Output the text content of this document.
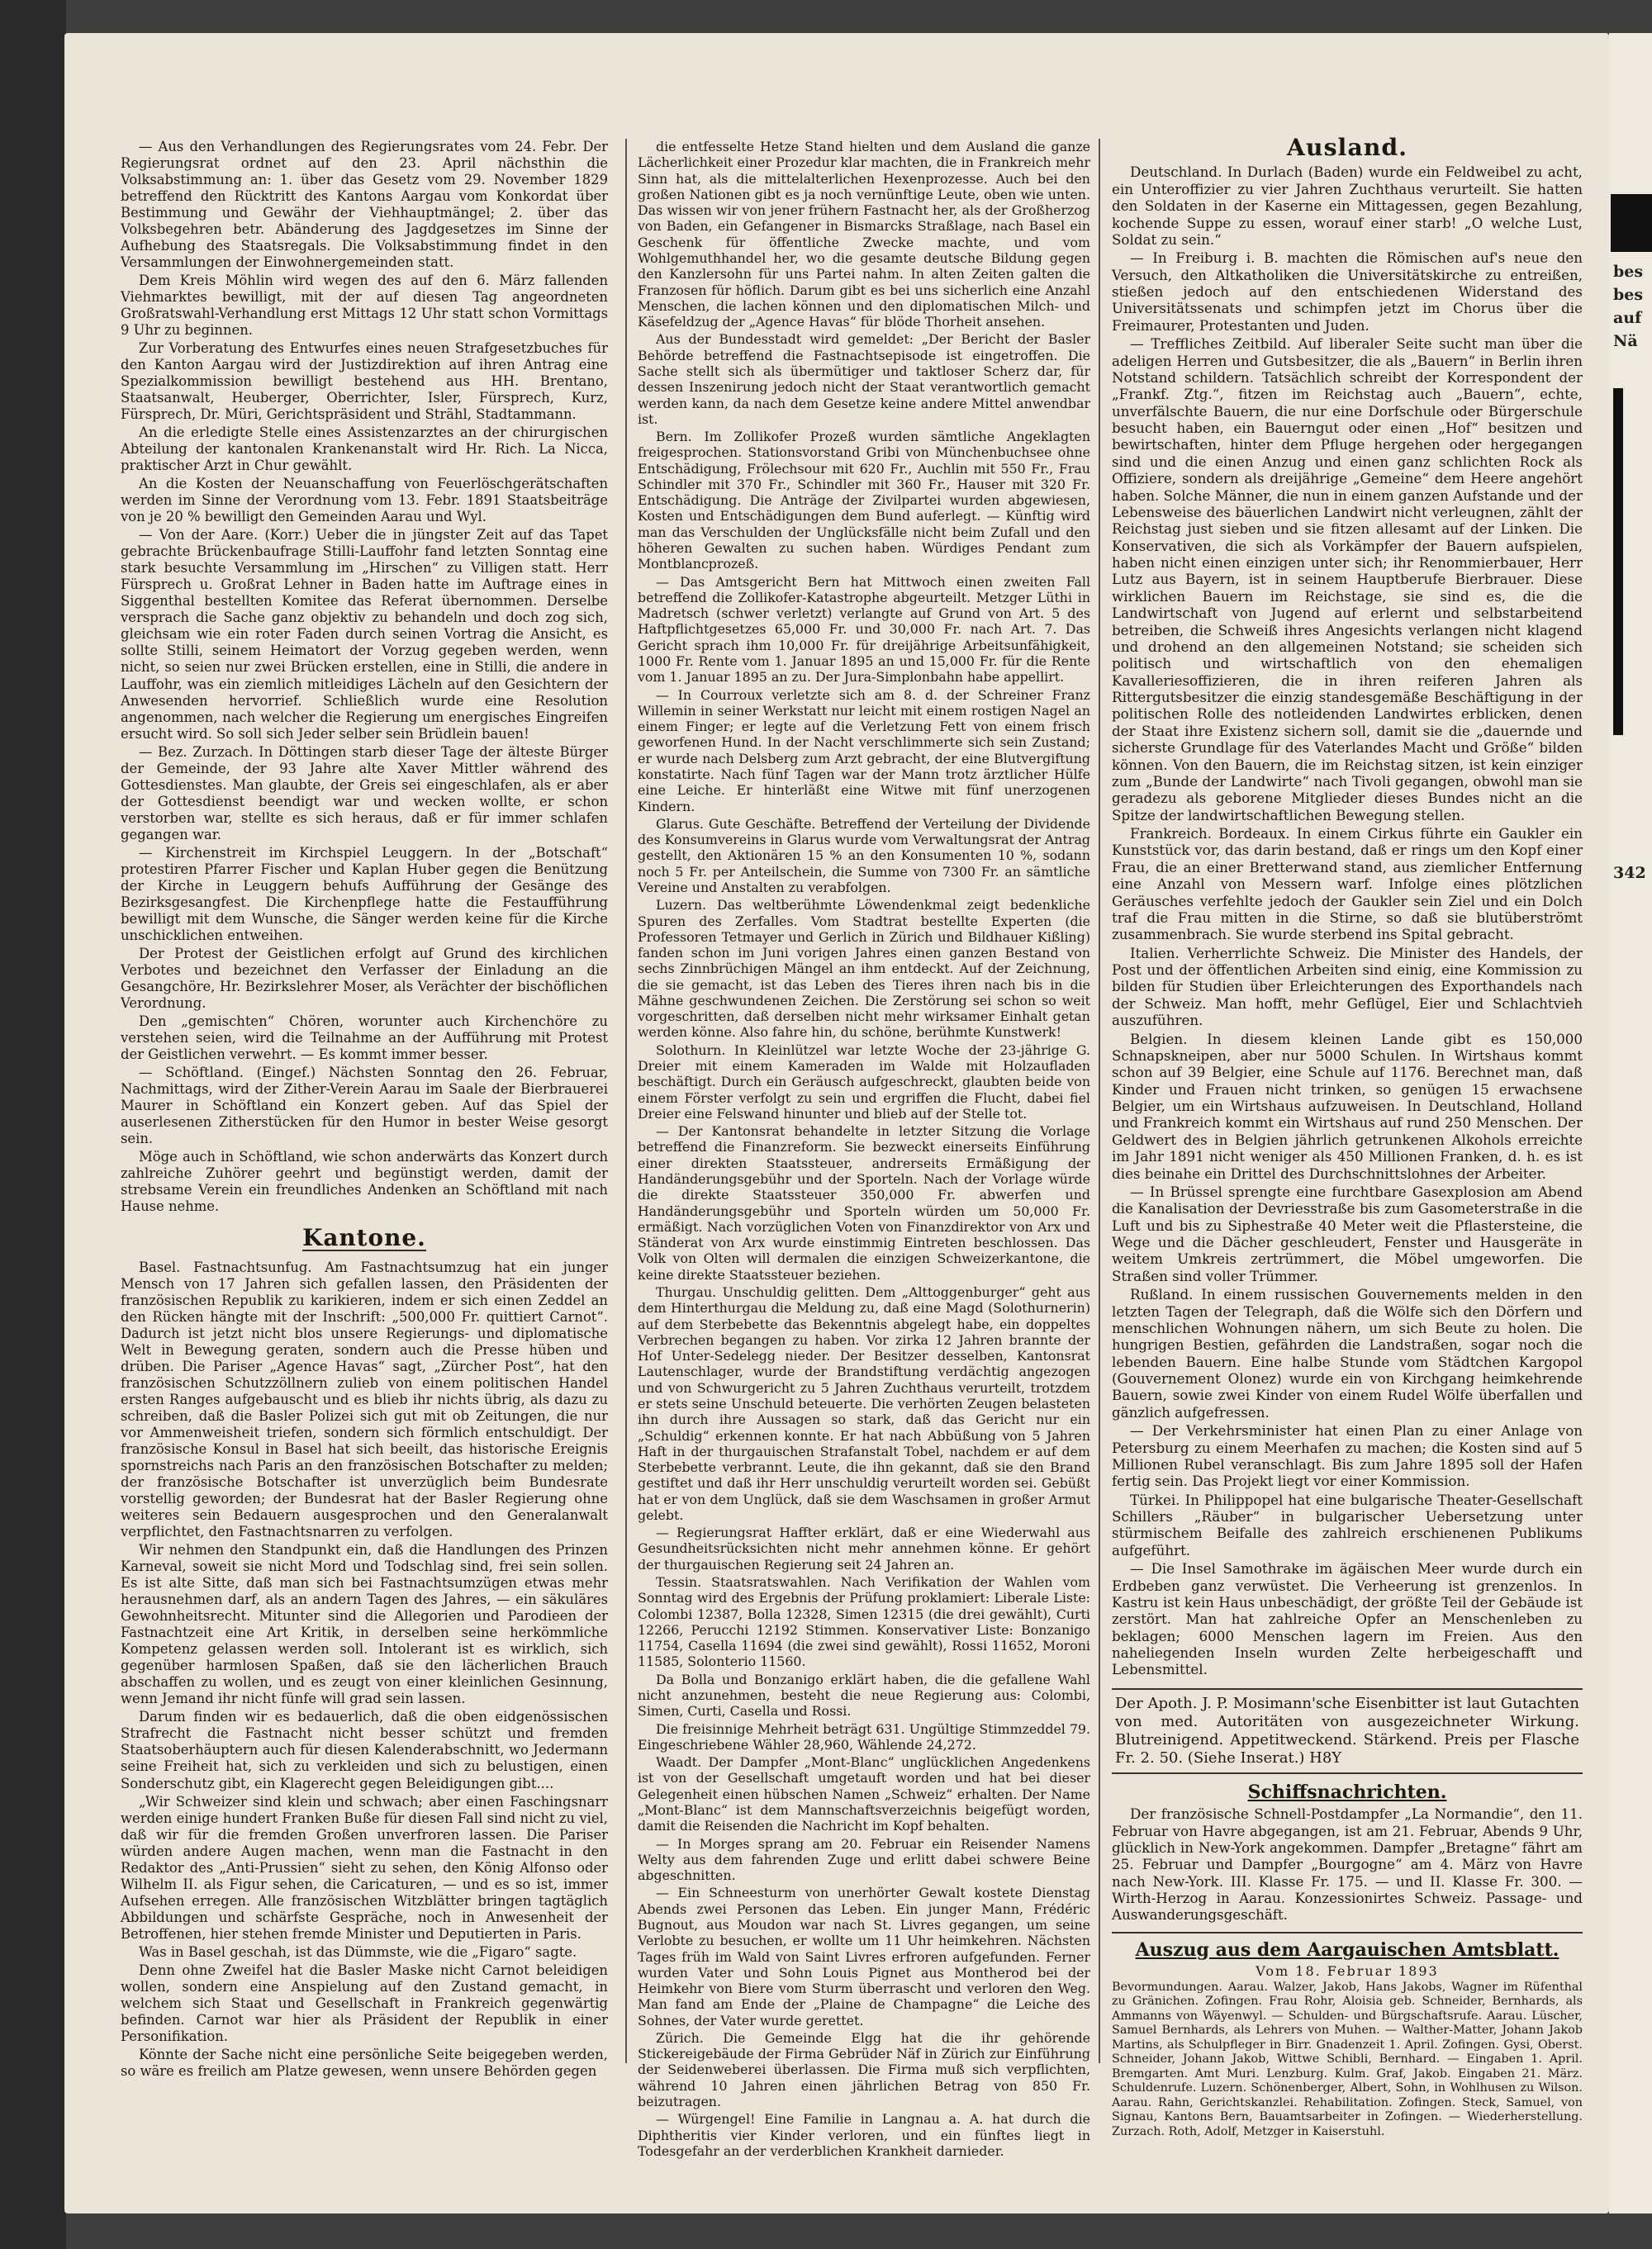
— Aus den Verhandlungen des Regierungsrates vom 24. Febr. Der Regierungsrat ordnet auf den 23. April nächsthin die Volksabstimmung an: 1. über das Gesetz vom 29. November 1829 betreffend den Rücktritt des Kantons Aargau vom Konkordat über Bestimmung und Gewähr der Viehhauptmängel; 2. über das Volksbegehren betr. Abänderung des Jagdgesetzes im Sinne der Aufhebung des Staatsregals. Die Volksabstimmung findet in den Versammlungen der Einwohnergemeinden statt.

Dem Kreis Möhlin wird wegen des auf den 6. März fallenden Viehmarktes bewilligt, mit der auf diesen Tag angeordneten Großratswahl-Verhandlung erst Mittags 12 Uhr statt schon Vormittags 9 Uhr zu beginnen.

Zur Vorberatung des Entwurfes eines neuen Strafgesetzbuches für den Kanton Aargau wird der Justizdirektion auf ihren Antrag eine Spezialkommission bewilligt bestehend aus HH. Brentano, Staatsanwalt, Heuberger, Oberrichter, Isler, Fürsprech, Kurz, Fürsprech, Dr. Müri, Gerichtspräsident und Strähl, Stadtammann.

An die erledigte Stelle eines Assistenzarztes an der chirurgischen Abteilung der kantonalen Krankenanstalt wird Hr. Rich. La Nicca, praktischer Arzt in Chur gewählt.

An die Kosten der Neuanschaffung von Feuerlöschgerätschaften werden im Sinne der Verordnung vom 13. Febr. 1891 Staatsbeiträge von je 20 % bewilligt den Gemeinden Aarau und Wyl.

— Von der Aare. (Korr.) Ueber die in jüngster Zeit auf das Tapet gebrachte Brückenbaufrage Stilli-Lauffohr fand letzten Sonntag eine stark besuchte Versammlung im „Hirschen“ zu Villigen statt. Herr Fürsprech u. Großrat Lehner in Baden hatte im Auftrage eines in Siggenthal bestellten Komitee das Referat übernommen. Derselbe versprach die Sache ganz objektiv zu behandeln und doch zog sich, gleichsam wie ein roter Faden durch seinen Vortrag die Ansicht, es sollte Stilli, seinem Heimatort der Vorzug gegeben werden, wenn nicht, so seien nur zwei Brücken erstellen, eine in Stilli, die andere in Lauffohr, was ein ziemlich mitleidiges Lächeln auf den Gesichtern der Anwesenden hervorrief. Schließlich wurde eine Resolution angenommen, nach welcher die Regierung um energisches Eingreifen ersucht wird. So soll sich Jeder selber sein Brüdlein bauen!

— Bez. Zurzach. In Döttingen starb dieser Tage der älteste Bürger der Gemeinde, der 93 Jahre alte Xaver Mittler während des Gottesdienstes. Man glaubte, der Greis sei eingeschlafen, als er aber der Gottesdienst beendigt war und wecken wollte, er schon verstorben war, stellte es sich heraus, daß er für immer schlafen gegangen war.

— Kirchenstreit im Kirchspiel Leuggern. In der „Botschaft“ protestiren Pfarrer Fischer und Kaplan Huber gegen die Benützung der Kirche in Leuggern behufs Aufführung der Gesänge des Bezirksgesangfest. Die Kirchenpflege hatte die Festaufführung bewilligt mit dem Wunsche, die Sänger werden keine für die Kirche unschicklichen entweihen.

Der Protest der Geistlichen erfolgt auf Grund des kirchlichen Verbotes und bezeichnet den Verfasser der Einladung an die Gesangchöre, Hr. Bezirkslehrer Moser, als Verächter der bischöflichen Verordnung.

Den „gemischten“ Chören, worunter auch Kirchenchöre zu verstehen seien, wird die Teilnahme an der Aufführung mit Protest der Geistlichen verwehrt. — Es kommt immer besser.

— Schöftland. (Eingef.) Nächsten Sonntag den 26. Februar, Nachmittags, wird der Zither-Verein Aarau im Saale der Bierbrauerei Maurer in Schöftland ein Konzert geben. Auf das Spiel der auserlesenen Zitherstücken für den Humor in bester Weise gesorgt sein.

Möge auch in Schöftland, wie schon anderwärts das Konzert durch zahlreiche Zuhörer geehrt und begünstigt werden, damit der strebsame Verein ein freundliches Andenken an Schöftland mit nach Hause nehme.

Kantone.

Basel. Fastnachtsunfug. Am Fastnachtsumzug hat ein junger Mensch von 17 Jahren sich gefallen lassen, den Präsidenten der französischen Republik zu karikieren, indem er sich einen Zeddel an den Rücken hängte mit der Inschrift: „500,000 Fr. quittiert Carnot“. Dadurch ist jetzt nicht blos unsere Regierungs- und diplomatische Welt in Bewegung geraten, sondern auch die Presse hüben und drüben. Die Pariser „Agence Havas“ sagt, „Zürcher Post“, hat den französischen Schutzzöllnern zulieb von einem politischen Handel ersten Ranges aufgebauscht und es blieb ihr nichts übrig, als dazu zu schreiben, daß die Basler Polizei sich gut mit ob Zeitungen, die nur vor Ammenweisheit triefen, sondern sich förmlich entschuldigt. Der französische Konsul in Basel hat sich beeilt, das historische Ereignis spornstreichs nach Paris an den französischen Botschafter zu melden; der französische Botschafter ist unverzüglich beim Bundesrate vorstellig geworden; der Bundesrat hat der Basler Regierung ohne weiteres sein Bedauern ausgesprochen und den Generalanwalt verpflichtet, den Fastnachtsnarren zu verfolgen.

Wir nehmen den Standpunkt ein, daß die Handlungen des Prinzen Karneval, soweit sie nicht Mord und Todschlag sind, frei sein sollen. Es ist alte Sitte, daß man sich bei Fastnachtsumzügen etwas mehr herausnehmen darf, als an andern Tagen des Jahres, — ein säkuläres Gewohnheitsrecht. Mitunter sind die Allegorien und Parodieen der Fastnachtzeit eine Art Kritik, in derselben seine herkömmliche Kompetenz gelassen werden soll. Intolerant ist es wirklich, sich gegenüber harmlosen Spaßen, daß sie den lächerlichen Brauch abschaffen zu wollen, und es zeugt von einer kleinlichen Gesinnung, wenn Jemand ihr nicht fünfe will grad sein lassen.

Darum finden wir es bedauerlich, daß die oben eidgenössischen Strafrecht die Fastnacht nicht besser schützt und fremden Staatsoberhäuptern auch für diesen Kalenderabschnitt, wo Jedermann seine Freiheit hat, sich zu verkleiden und sich zu belustigen, einen Sonderschutz gibt, ein Klagerecht gegen Beleidigungen gibt....

„Wir Schweizer sind klein und schwach; aber einen Faschingsnarr werden einige hundert Franken Buße für diesen Fall sind nicht zu viel, daß wir für die fremden Großen unverfroren lassen. Die Pariser würden andere Augen machen, wenn man die Fastnacht in den Redaktor des „Anti-Prussien“ sieht zu sehen, den König Alfonso oder Wilhelm II. als Figur sehen, die Caricaturen, — und es so ist, immer Aufsehen erregen. Alle französischen Witzblätter bringen tagtäglich Abbildungen und schärfste Gespräche, noch in Anwesenheit der Betroffenen, hier stehen fremde Minister und Deputierten in Paris.

Was in Basel geschah, ist das Dümmste, wie die „Figaro“ sagte.

Denn ohne Zweifel hat die Basler Maske nicht Carnot beleidigen wollen, sondern eine Anspielung auf den Zustand gemacht, in welchem sich Staat und Gesellschaft in Frankreich gegenwärtig befinden. Carnot war hier als Präsident der Republik in einer Personifikation.

Könnte der Sache nicht eine persönliche Seite beigegeben werden, so wäre es freilich am Platze gewesen, wenn unsere Behörden gegen

die entfesselte Hetze Stand hielten und dem Ausland die ganze Lächerlichkeit einer Prozedur klar machten, die in Frankreich mehr Sinn hat, als die mittelalterlichen Hexenprozesse. Auch bei den großen Nationen gibt es ja noch vernünftige Leute, oben wie unten. Das wissen wir von jener frühern Fastnacht her, als der Großherzog von Baden, ein Gefangener in Bismarcks Straßlage, nach Basel ein Geschenk für öffentliche Zwecke machte, und vom Wohlgemuthhandel her, wo die gesamte deutsche Bildung gegen den Kanzlersohn für uns Partei nahm. In alten Zeiten galten die Franzosen für höflich. Darum gibt es bei uns sicherlich eine Anzahl Menschen, die lachen können und den diplomatischen Milch- und Käsefeldzug der „Agence Havas“ für blöde Thorheit ansehen.

Aus der Bundesstadt wird gemeldet: „Der Bericht der Basler Behörde betreffend die Fastnachtsepisode ist eingetroffen. Die Sache stellt sich als übermütiger und taktloser Scherz dar, für dessen Inszenirung jedoch nicht der Staat verantwortlich gemacht werden kann, da nach dem Gesetze keine andere Mittel anwendbar ist.

Bern. Im Zollikofer Prozeß wurden sämtliche Angeklagten freigesprochen. Stationsvorstand Gribi von Münchenbuchsee ohne Entschädigung, Frölechsour mit 620 Fr., Auchlin mit 550 Fr., Frau Schindler mit 370 Fr., Schindler mit 360 Fr., Hauser mit 320 Fr. Entschädigung. Die Anträge der Zivilpartei wurden abgewiesen, Kosten und Entschädigungen dem Bund auferlegt. — Künftig wird man das Verschulden der Unglücksfälle nicht beim Zufall und den höheren Gewalten zu suchen haben. Würdiges Pendant zum Montblancprozeß.

— Das Amtsgericht Bern hat Mittwoch einen zweiten Fall betreffend die Zollikofer-Katastrophe abgeurteilt. Metzger Lüthi in Madretsch (schwer verletzt) verlangte auf Grund von Art. 5 des Haftpflichtgesetzes 65,000 Fr. und 30,000 Fr. nach Art. 7. Das Gericht sprach ihm 10,000 Fr. für dreijährige Arbeitsunfähigkeit, 1000 Fr. Rente vom 1. Januar 1895 an und 15,000 Fr. für die Rente vom 1. Januar 1895 an zu. Der Jura-Simplonbahn habe appellirt.

— In Courroux verletzte sich am 8. d. der Schreiner Franz Willemin in seiner Werkstatt nur leicht mit einem rostigen Nagel an einem Finger; er legte auf die Verletzung Fett von einem frisch geworfenen Hund. In der Nacht verschlimmerte sich sein Zustand; er wurde nach Delsberg zum Arzt gebracht, der eine Blutvergiftung konstatirte. Nach fünf Tagen war der Mann trotz ärztlicher Hülfe eine Leiche. Er hinterläßt eine Witwe mit fünf unerzogenen Kindern.

Glarus. Gute Geschäfte. Betreffend der Verteilung der Dividende des Konsumvereins in Glarus wurde vom Verwaltungsrat der Antrag gestellt, den Aktionären 15 % an den Konsumenten 10 %, sodann noch 5 Fr. per Anteilschein, die Summe von 7300 Fr. an sämtliche Vereine und Anstalten zu verabfolgen.

Luzern. Das weltberühmte Löwendenkmal zeigt bedenkliche Spuren des Zerfalles. Vom Stadtrat bestellte Experten (die Professoren Tetmayer und Gerlich in Zürich und Bildhauer Kißling) fanden schon im Juni vorigen Jahres einen ganzen Bestand von sechs Zinnbrüchigen Mängel an ihm entdeckt. Auf der Zeichnung, die sie gemacht, ist das Leben des Tieres ihren nach bis in die Mähne geschwundenen Zeichen. Die Zerstörung sei schon so weit vorgeschritten, daß derselben nicht mehr wirksamer Einhalt getan werden könne. Also fahre hin, du schöne, berühmte Kunstwerk!

Solothurn. In Kleinlützel war letzte Woche der 23-jährige G. Dreier mit einem Kameraden im Walde mit Holzaufladen beschäftigt. Durch ein Geräusch aufgeschreckt, glaubten beide von einem Förster verfolgt zu sein und ergriffen die Flucht, dabei fiel Dreier eine Felswand hinunter und blieb auf der Stelle tot.

— Der Kantonsrat behandelte in letzter Sitzung die Vorlage betreffend die Finanzreform. Sie bezweckt einerseits Einführung einer direkten Staatssteuer, andrerseits Ermäßigung der Handänderungsgebühr und der Sporteln. Nach der Vorlage würde die direkte Staatssteuer 350,000 Fr. abwerfen und Handänderungsgebühr und Sporteln würden um 50,000 Fr. ermäßigt. Nach vorzüglichen Voten von Finanzdirektor von Arx und Ständerat von Arx wurde einstimmig Eintreten beschlossen. Das Volk von Olten will dermalen die einzigen Schweizerkantone, die keine direkte Staatssteuer beziehen.

Thurgau. Unschuldig gelitten. Dem „Alttoggenburger“ geht aus dem Hinterthurgau die Meldung zu, daß eine Magd (Solothurnerin) auf dem Sterbebette das Bekenntnis abgelegt habe, ein doppeltes Verbrechen begangen zu haben. Vor zirka 12 Jahren brannte der Hof Unter-Sedelegg nieder. Der Besitzer desselben, Kantonsrat Lautenschlager, wurde der Brandstiftung verdächtig angezogen und von Schwurgericht zu 5 Jahren Zuchthaus verurteilt, trotzdem er stets seine Unschuld beteuerte. Die verhörten Zeugen belasteten ihn durch ihre Aussagen so stark, daß das Gericht nur ein „Schuldig“ erkennen konnte. Er hat nach Abbüßung von 5 Jahren Haft in der thurgauischen Strafanstalt Tobel, nachdem er auf dem Sterbebette verbrannt. Leute, die ihn gekannt, daß sie den Brand gestiftet und daß ihr Herr unschuldig verurteilt worden sei. Gebüßt hat er von dem Unglück, daß sie dem Waschsamen in großer Armut gelebt.

— Regierungsrat Haffter erklärt, daß er eine Wiederwahl aus Gesundheitsrücksichten nicht mehr annehmen könne. Er gehört der thurgauischen Regierung seit 24 Jahren an.

Tessin. Staatsratswahlen. Nach Verifikation der Wahlen vom Sonntag wird des Ergebnis der Prüfung proklamiert: Liberale Liste: Colombi 12387, Bolla 12328, Simen 12315 (die drei gewählt), Curti 12266, Perucchi 12192 Stimmen. Konservativer Liste: Bonzanigo 11754, Casella 11694 (die zwei sind gewählt), Rossi 11652, Moroni 11585, Solonterio 11560.

Da Bolla und Bonzanigo erklärt haben, die die gefallene Wahl nicht anzunehmen, besteht die neue Regierung aus: Colombi, Simen, Curti, Casella und Rossi.

Die freisinnige Mehrheit beträgt 631. Ungültige Stimmzeddel 79. Eingeschriebene Wähler 28,960, Wählende 24,272.

Waadt. Der Dampfer „Mont-Blanc“ unglücklichen Angedenkens ist von der Gesellschaft umgetauft worden und hat bei dieser Gelegenheit einen hübschen Namen „Schweiz“ erhalten. Der Name „Mont-Blanc“ ist dem Mannschaftsverzeichnis beigefügt worden, damit die Reisenden die Nachricht im Kopf behalten.

— In Morges sprang am 20. Februar ein Reisender Namens Welty aus dem fahrenden Zuge und erlitt dabei schwere Beine abgeschnitten.

— Ein Schneesturm von unerhörter Gewalt kostete Dienstag Abends zwei Personen das Leben. Ein junger Mann, Frédéric Bugnout, aus Moudon war nach St. Livres gegangen, um seine Verlobte zu besuchen, er wollte um 11 Uhr heimkehren. Nächsten Tages früh im Wald von Saint Livres erfroren aufgefunden. Ferner wurden Vater und Sohn Louis Pignet aus Montherod bei der Heimkehr von Biere vom Sturm überrascht und verloren den Weg. Man fand am Ende der „Plaine de Champagne“ die Leiche des Sohnes, der Vater wurde gerettet.

Zürich. Die Gemeinde Elgg hat die ihr gehörende Stickereigebäude der Firma Gebrüder Näf in Zürich zur Einführung der Seidenweberei überlassen. Die Firma muß sich verpflichten, während 10 Jahren einen jährlichen Betrag von 850 Fr. beizutragen.

— Würgengel! Eine Familie in Langnau a. A. hat durch die Diphtheritis vier Kinder verloren, und ein fünftes liegt in Todesgefahr an der verderblichen Krankheit darnieder.

Ausland.

Deutschland. In Durlach (Baden) wurde ein Feldweibel zu acht, ein Unteroffizier zu vier Jahren Zuchthaus verurteilt. Sie hatten den Soldaten in der Kaserne ein Mittagessen, gegen Bezahlung, kochende Suppe zu essen, worauf einer starb! „O welche Lust, Soldat zu sein.“

— In Freiburg i. B. machten die Römischen auf's neue den Versuch, den Altkatholiken die Universitätskirche zu entreißen, stießen jedoch auf den entschiedenen Widerstand des Universitätssenats und schimpfen jetzt im Chorus über die Freimaurer, Protestanten und Juden.

— Treffliches Zeitbild. Auf liberaler Seite sucht man über die adeligen Herren und Gutsbesitzer, die als „Bauern“ in Berlin ihren Notstand schildern. Tatsächlich schreibt der Korrespondent der „Frankf. Ztg.“, fitzen im Reichstag auch „Bauern“, echte, unverfälschte Bauern, die nur eine Dorfschule oder Bürgerschule besucht haben, ein Bauerngut oder einen „Hof“ besitzen und bewirtschaften, hinter dem Pfluge hergehen oder hergegangen sind und die einen Anzug und einen ganz schlichten Rock als Offiziere, sondern als dreijährige „Gemeine“ dem Heere angehört haben. Solche Männer, die nun in einem ganzen Aufstande und der Lebensweise des bäuerlichen Landwirt nicht verleugnen, zählt der Reichstag just sieben und sie fitzen allesamt auf der Linken. Die Konservativen, die sich als Vorkämpfer der Bauern aufspielen, haben nicht einen einzigen unter sich; ihr Renommierbauer, Herr Lutz aus Bayern, ist in seinem Hauptberufe Bierbrauer. Diese wirklichen Bauern im Reichstage, sie sind es, die die Landwirtschaft von Jugend auf erlernt und selbstarbeitend betreiben, die Schweiß ihres Angesichts verlangen nicht klagend und drohend an den allgemeinen Notstand; sie scheiden sich politisch und wirtschaftlich von den ehemaligen Kavalleriesoffizieren, die in ihren reiferen Jahren als Rittergutsbesitzer die einzig standesgemäße Beschäftigung in der politischen Rolle des notleidenden Landwirtes erblicken, denen der Staat ihre Existenz sichern soll, damit sie die „dauernde und sicherste Grundlage für des Vaterlandes Macht und Größe“ bilden können. Von den Bauern, die im Reichstag sitzen, ist kein einziger zum „Bunde der Landwirte“ nach Tivoli gegangen, obwohl man sie geradezu als geborene Mitglieder dieses Bundes nicht an die Spitze der landwirtschaftlichen Bewegung stellen.

Frankreich. Bordeaux. In einem Cirkus führte ein Gaukler ein Kunststück vor, das darin bestand, daß er rings um den Kopf einer Frau, die an einer Bretterwand stand, aus ziemlicher Entfernung eine Anzahl von Messern warf. Infolge eines plötzlichen Geräusches verfehlte jedoch der Gaukler sein Ziel und ein Dolch traf die Frau mitten in die Stirne, so daß sie blutüberströmt zusammenbrach. Sie wurde sterbend ins Spital gebracht.

Italien. Verherrlichte Schweiz. Die Minister des Handels, der Post und der öffentlichen Arbeiten sind einig, eine Kommission zu bilden für Studien über Erleichterungen des Exporthandels nach der Schweiz. Man hofft, mehr Geflügel, Eier und Schlachtvieh auszuführen.

Belgien. In diesem kleinen Lande gibt es 150,000 Schnapskneipen, aber nur 5000 Schulen. In Wirtshaus kommt schon auf 39 Belgier, eine Schule auf 1176. Berechnet man, daß Kinder und Frauen nicht trinken, so genügen 15 erwachsene Belgier, um ein Wirtshaus aufzuweisen. In Deutschland, Holland und Frankreich kommt ein Wirtshaus auf rund 250 Menschen. Der Geldwert des in Belgien jährlich getrunkenen Alkohols erreichte im Jahr 1891 nicht weniger als 450 Millionen Franken, d. h. es ist dies beinahe ein Drittel des Durchschnittslohnes der Arbeiter.

— In Brüssel sprengte eine furchtbare Gasexplosion am Abend die Kanalisation der Devriesstraße bis zum Gasometerstraße in die Luft und bis zu Siphestraße 40 Meter weit die Pflastersteine, die Wege und die Dächer geschleudert, Fenster und Hausgeräte in weitem Umkreis zertrümmert, die Möbel umgeworfen. Die Straßen sind voller Trümmer.

Rußland. In einem russischen Gouvernements melden in den letzten Tagen der Telegraph, daß die Wölfe sich den Dörfern und menschlichen Wohnungen nähern, um sich Beute zu holen. Die hungrigen Bestien, gefährden die Landstraßen, sogar noch die lebenden Bauern. Eine halbe Stunde vom Städtchen Kargopol (Gouvernement Olonez) wurde ein von Kirchgang heimkehrende Bauern, sowie zwei Kinder von einem Rudel Wölfe überfallen und gänzlich aufgefressen.

— Der Verkehrsminister hat einen Plan zu einer Anlage von Petersburg zu einem Meerhafen zu machen; die Kosten sind auf 5 Millionen Rubel veranschlagt. Bis zum Jahre 1895 soll der Hafen fertig sein. Das Projekt liegt vor einer Kommission.

Türkei. In Philippopel hat eine bulgarische Theater-Gesellschaft Schillers „Räuber“ in bulgarischer Uebersetzung unter stürmischem Beifalle des zahlreich erschienenen Publikums aufgeführt.

— Die Insel Samothrake im ägäischen Meer wurde durch ein Erdbeben ganz verwüstet. Die Verheerung ist grenzenlos. In Kastru ist kein Haus unbeschädigt, der größte Teil der Gebäude ist zerstört. Man hat zahlreiche Opfer an Menschenleben zu beklagen; 6000 Menschen lagern im Freien. Aus den naheliegenden Inseln wurden Zelte herbeigeschafft und Lebensmittel.

Der Apoth. J. P. Mosimann'sche Eisenbitter ist laut Gutachten von med. Autoritäten von ausgezeichneter Wirkung. Blutreinigend. Appetitweckend. Stärkend. Preis per Flasche Fr. 2. 50. (Siehe Inserat.) H8Y
Schiffsnachrichten.

Der französische Schnell-Postdampfer „La Normandie“, den 11. Februar von Havre abgegangen, ist am 21. Februar, Abends 9 Uhr, glücklich in New-York angekommen. Dampfer „Bretagne“ fährt am 25. Februar und Dampfer „Bourgogne“ am 4. März von Havre nach New-York. III. Klasse Fr. 175. — und II. Klasse Fr. 300. — Wirth-Herzog in Aarau. Konzessionirtes Schweiz. Passage- und Auswanderungsgeschäft.

Auszug aus dem Aargauischen Amtsblatt.
Vom 18. Februar 1893
Bevormundungen. Aarau. Walzer, Jakob, Hans Jakobs, Wagner im Rüfenthal zu Gränichen. Zofingen. Frau Rohr, Aloisia geb. Schneider, Bernhards, als Ammanns von Wäyenwyl. — Schulden- und Bürgschaftsrufe. Aarau. Lüscher, Samuel Bernhards, als Lehrers von Muhen. — Walther-Matter, Johann Jakob Martins, als Schulpfleger in Birr. Gnadenzeit 1. April. Zofingen. Gysi, Oberst. Schneider, Johann Jakob, Wittwe Schibli, Bernhard. — Eingaben 1. April. Bremgarten. Amt Muri. Lenzburg. Kulm. Graf, Jakob. Eingaben 21. März. Schuldenrufe. Luzern. Schönenberger, Albert, Sohn, in Wohlhusen zu Wilson. Aarau. Rahn, Gerichtskanzlei. Rehabilitation. Zofingen. Steck, Samuel, von Signau, Kantons Bern, Bauamtsarbeiter in Zofingen. — Wiederherstellung. Zurzach. Roth, Adolf, Metzger in Kaiserstuhl.
bes
bes
auf
Nä
342
